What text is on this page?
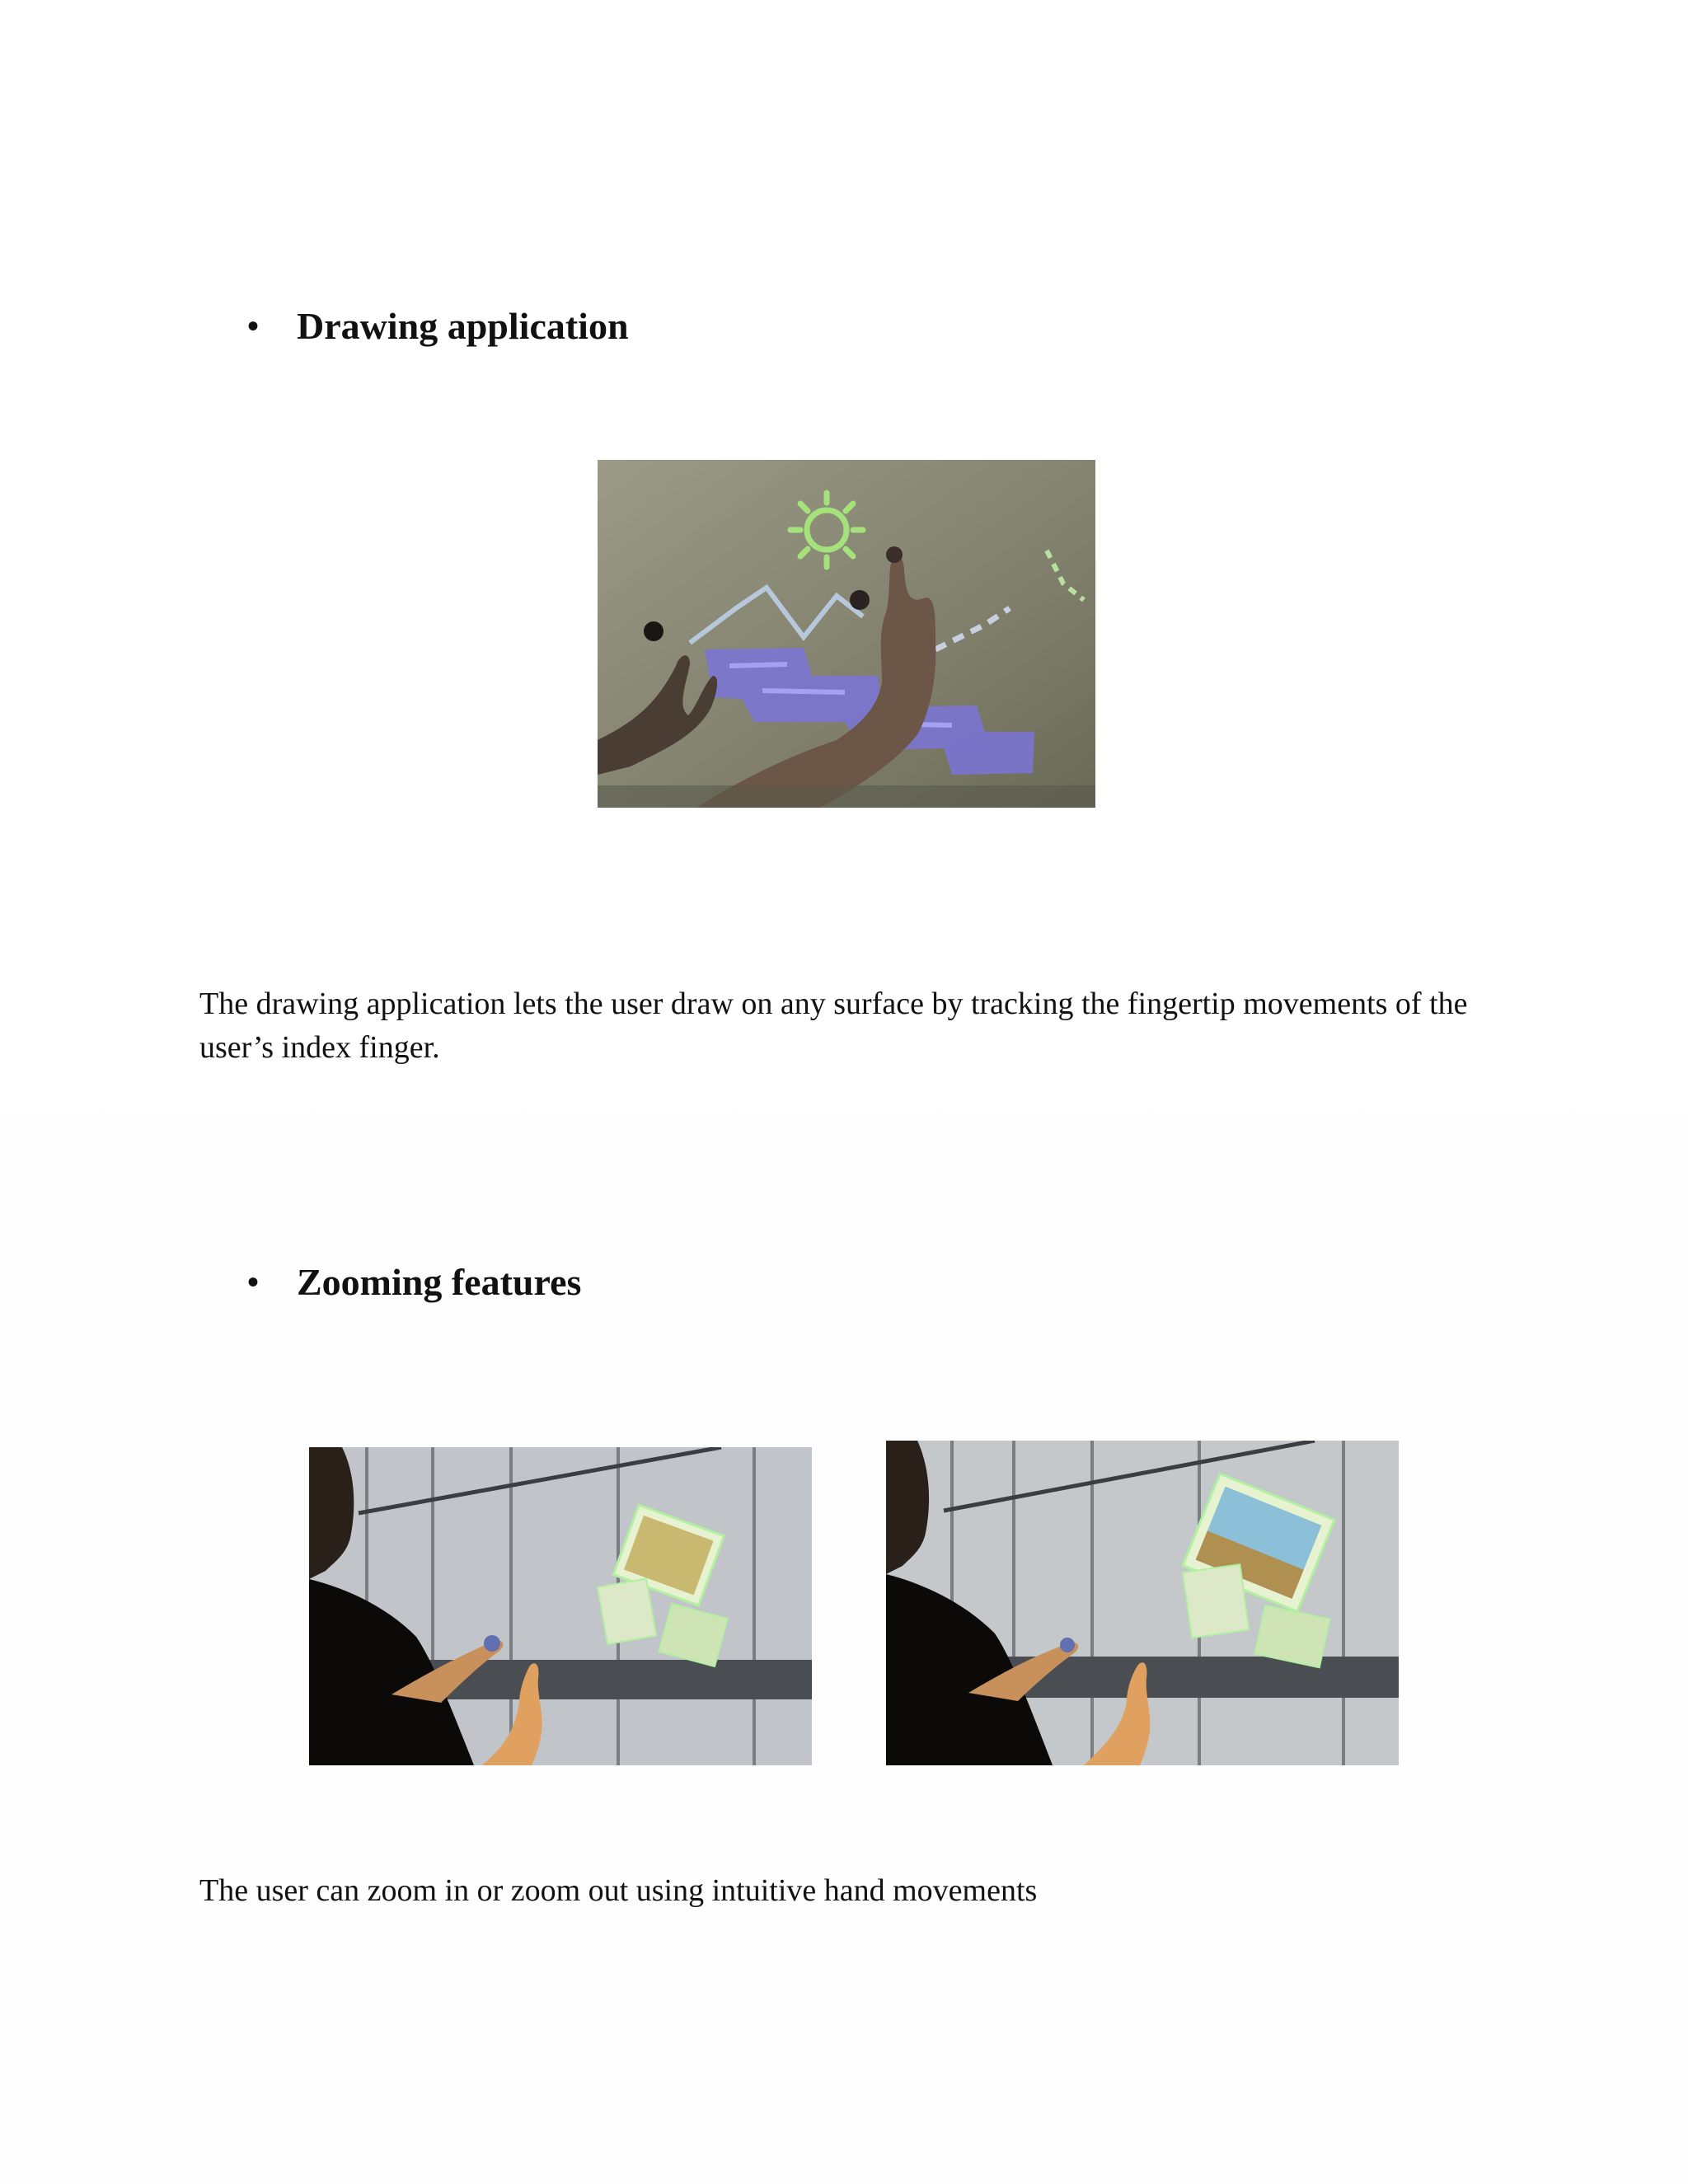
• Drawing application
The drawing application lets the user draw on any surface by tracking the fingertip movements of the user’s index finger.
• Zooming features
The user can zoom in or zoom out using intuitive hand movements
